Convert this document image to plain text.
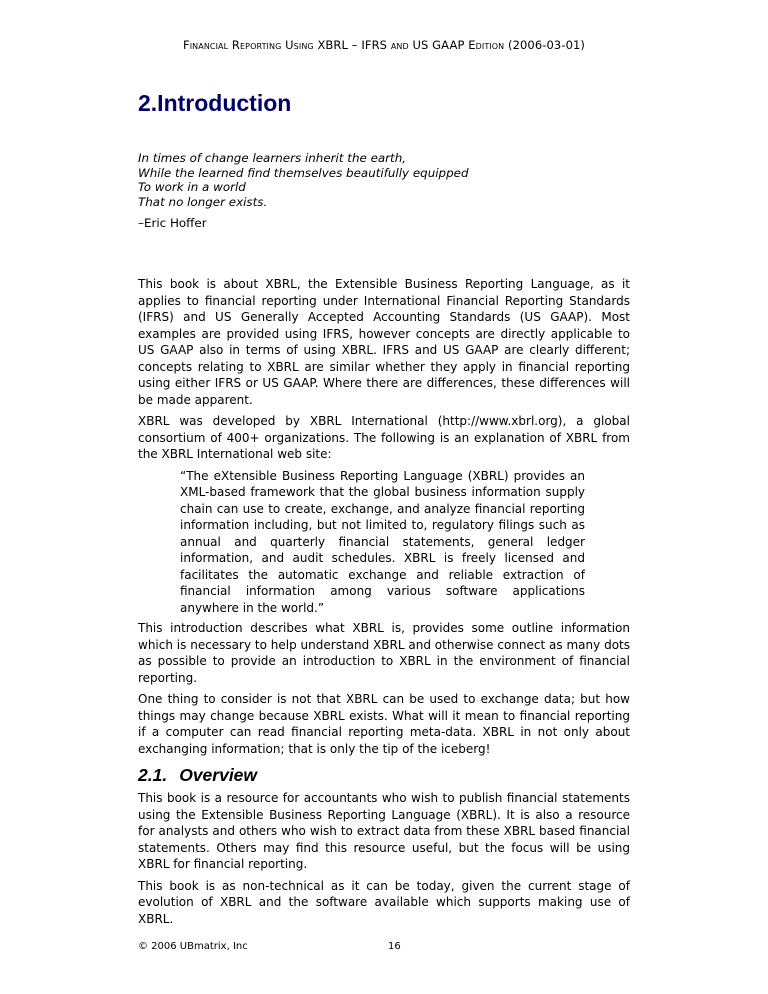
Financial Reporting Using XBRL – IFRS and US GAAP Edition (2006-03-01)
2.Introduction
In times of change learners inherit the earth,
While the learned find themselves beautifully equipped
To work in a world
That no longer exists.
–Eric Hoffer

This book is about XBRL, the Extensible Business Reporting Language, as it applies to financial reporting under International Financial Reporting Standards (IFRS) and US Generally Accepted Accounting Standards (US GAAP). Most examples are provided using IFRS, however concepts are directly applicable to US GAAP also in terms of using XBRL. IFRS and US GAAP are clearly different; concepts relating to XBRL are similar whether they apply in financial reporting using either IFRS or US GAAP. Where there are differences, these differences will be made apparent.

XBRL was developed by XBRL International (http://www.xbrl.org), a global consortium of 400+ organizations. The following is an explanation of XBRL from the XBRL International web site:

“The eXtensible Business Reporting Language (XBRL) provides an XML-based framework that the global business information supply chain can use to create, exchange, and analyze financial reporting information including, but not limited to, regulatory filings such as annual and quarterly financial statements, general ledger information, and audit schedules. XBRL is freely licensed and facilitates the automatic exchange and reliable extraction of financial information among various software applications anywhere in the world.”

This introduction describes what XBRL is, provides some outline information which is necessary to help understand XBRL and otherwise connect as many dots as possible to provide an introduction to XBRL in the environment of financial reporting.

One thing to consider is not that XBRL can be used to exchange data; but how things may change because XBRL exists. What will it mean to financial reporting if a computer can read financial reporting meta-data. XBRL in not only about exchanging information; that is only the tip of the iceberg!

2.1. Overview

This book is a resource for accountants who wish to publish financial statements using the Extensible Business Reporting Language (XBRL). It is also a resource for analysts and others who wish to extract data from these XBRL based financial statements. Others may find this resource useful, but the focus will be using XBRL for financial reporting.

This book is as non-technical as it can be today, given the current stage of evolution of XBRL and the software available which supports making use of XBRL.

© 2006 UBmatrix, Inc	16
